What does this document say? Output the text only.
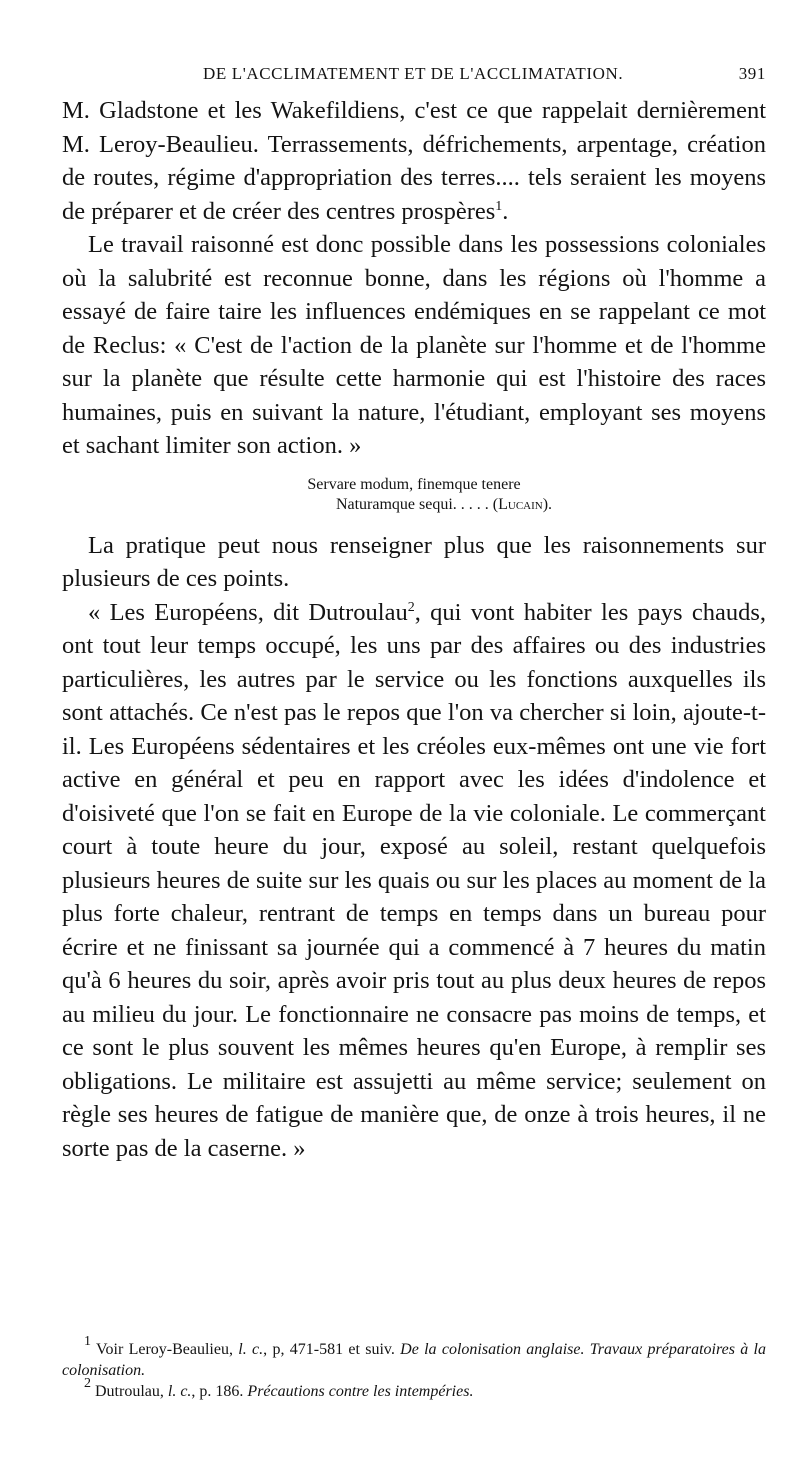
DE L'ACCLIMATEMENT ET DE L'ACCLIMATATION.	391

M. Gladstone et les Wakefildiens, c'est ce que rappelait dernièrement M. Leroy-Beaulieu. Terrassements, défrichements, arpentage, création de routes, régime d'appropriation des terres.... tels seraient les moyens de préparer et de créer des centres prospères$^1$.

Le travail raisonné est donc possible dans les possessions coloniales où la salubrité est reconnue bonne, dans les régions où l'homme a essayé de faire taire les influences endémiques en se rappelant ce mot de Reclus: « C'est de l'action de la planète sur l'homme et de l'homme sur la planète que résulte cette harmonie qui est l'histoire des races humaines, puis en suivant la nature, l'étudiant, employant ses moyens et sachant limiter son action. »

Servare modum, finemque tenere
Naturamque sequi. . . . . (Lucain).

La pratique peut nous renseigner plus que les raisonnements sur plusieurs de ces points.

« Les Européens, dit Dutroulau$^2$, qui vont habiter les pays chauds, ont tout leur temps occupé, les uns par des affaires ou des industries particulières, les autres par le service ou les fonctions auxquelles ils sont attachés. Ce n'est pas le repos que l'on va chercher si loin, ajoute-t-il. Les Européens sédentaires et les créoles eux-mêmes ont une vie fort active en général et peu en rapport avec les idées d'indolence et d'oisiveté que l'on se fait en Europe de la vie coloniale. Le commerçant court à toute heure du jour, exposé au soleil, restant quelquefois plusieurs heures de suite sur les quais ou sur les places au moment de la plus forte chaleur, rentrant de temps en temps dans un bureau pour écrire et ne finissant sa journée qui a commencé à 7 heures du matin qu'à 6 heures du soir, après avoir pris tout au plus deux heures de repos au milieu du jour. Le fonctionnaire ne consacre pas moins de temps, et ce sont le plus souvent les mêmes heures qu'en Europe, à remplir ses obligations. Le militaire est assujetti au même service; seulement on règle ses heures de fatigue de manière que, de onze à trois heures, il ne sorte pas de la caserne. »

$^1$ Voir Leroy-Beaulieu, l. c., p, 471-581 et suiv. De la colonisation anglaise. Travaux préparatoires à la colonisation.

$^2$ Dutroulau, l. c., p. 186. Précautions contre les intempéries.
